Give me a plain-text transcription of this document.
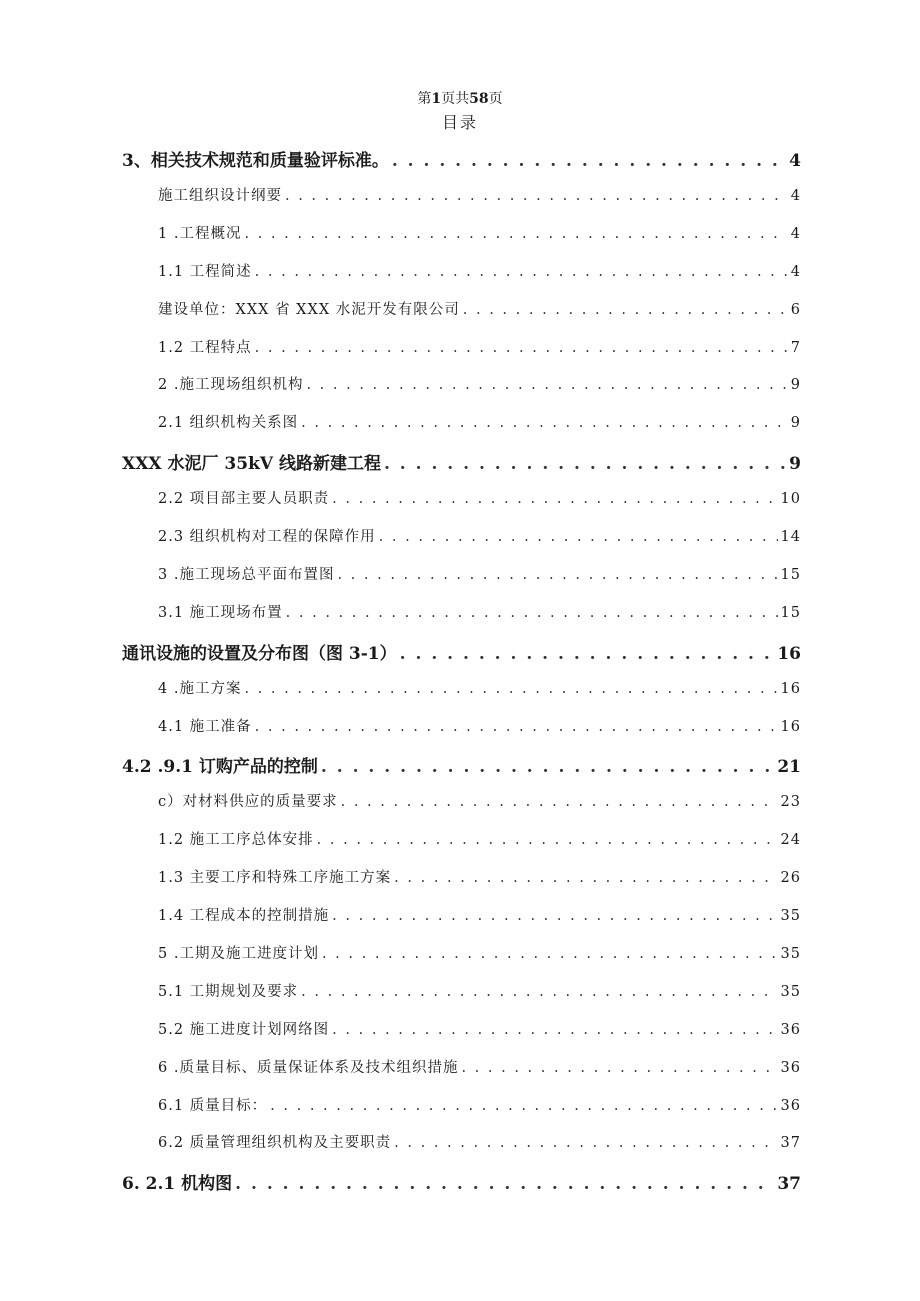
第1页共58页
目录
3、相关技术规范和质量验评标准。 . . .	4
施工组织设计纲要 . . .	4
1 .工程概况 . . .	4
1.1 工程简述 . . .	4
建设单位：XXX 省 XXX 水泥开发有限公司 . . .	6
1.2 工程特点 . . .	7
2 .施工现场组织机构 . . .	9
2.1 组织机构关系图 . . .	9
XXX 水泥厂 35kV 线路新建工程 . . .	9
2.2 项目部主要人员职责 . . .	10
2.3 组织机构对工程的保障作用 . . .	14
3 .施工现场总平面布置图 . . .	15
3.1 施工现场布置 . . .	15
通讯设施的设置及分布图（图 3-1） . . .	16
4 .施工方案 . . .	16
4.1 施工准备 . . .	16
4.2 .9.1 订购产品的控制 . . .	21
c）对材料供应的质量要求 . . .	23
1.2 施工工序总体安排 . . .	24
1.3 主要工序和特殊工序施工方案 . . .	26
1.4 工程成本的控制措施 . . .	35
5 .工期及施工进度计划 . . .	35
5.1 工期规划及要求 . . .	35
5.2 施工进度计划网络图 . . .	36
6 .质量目标、质量保证体系及技术组织措施 . . .	36
6.1 质量目标： . . .	36
6.2 质量管理组织机构及主要职责 . . .	37
6. 2.1 机构图 . . .	37
